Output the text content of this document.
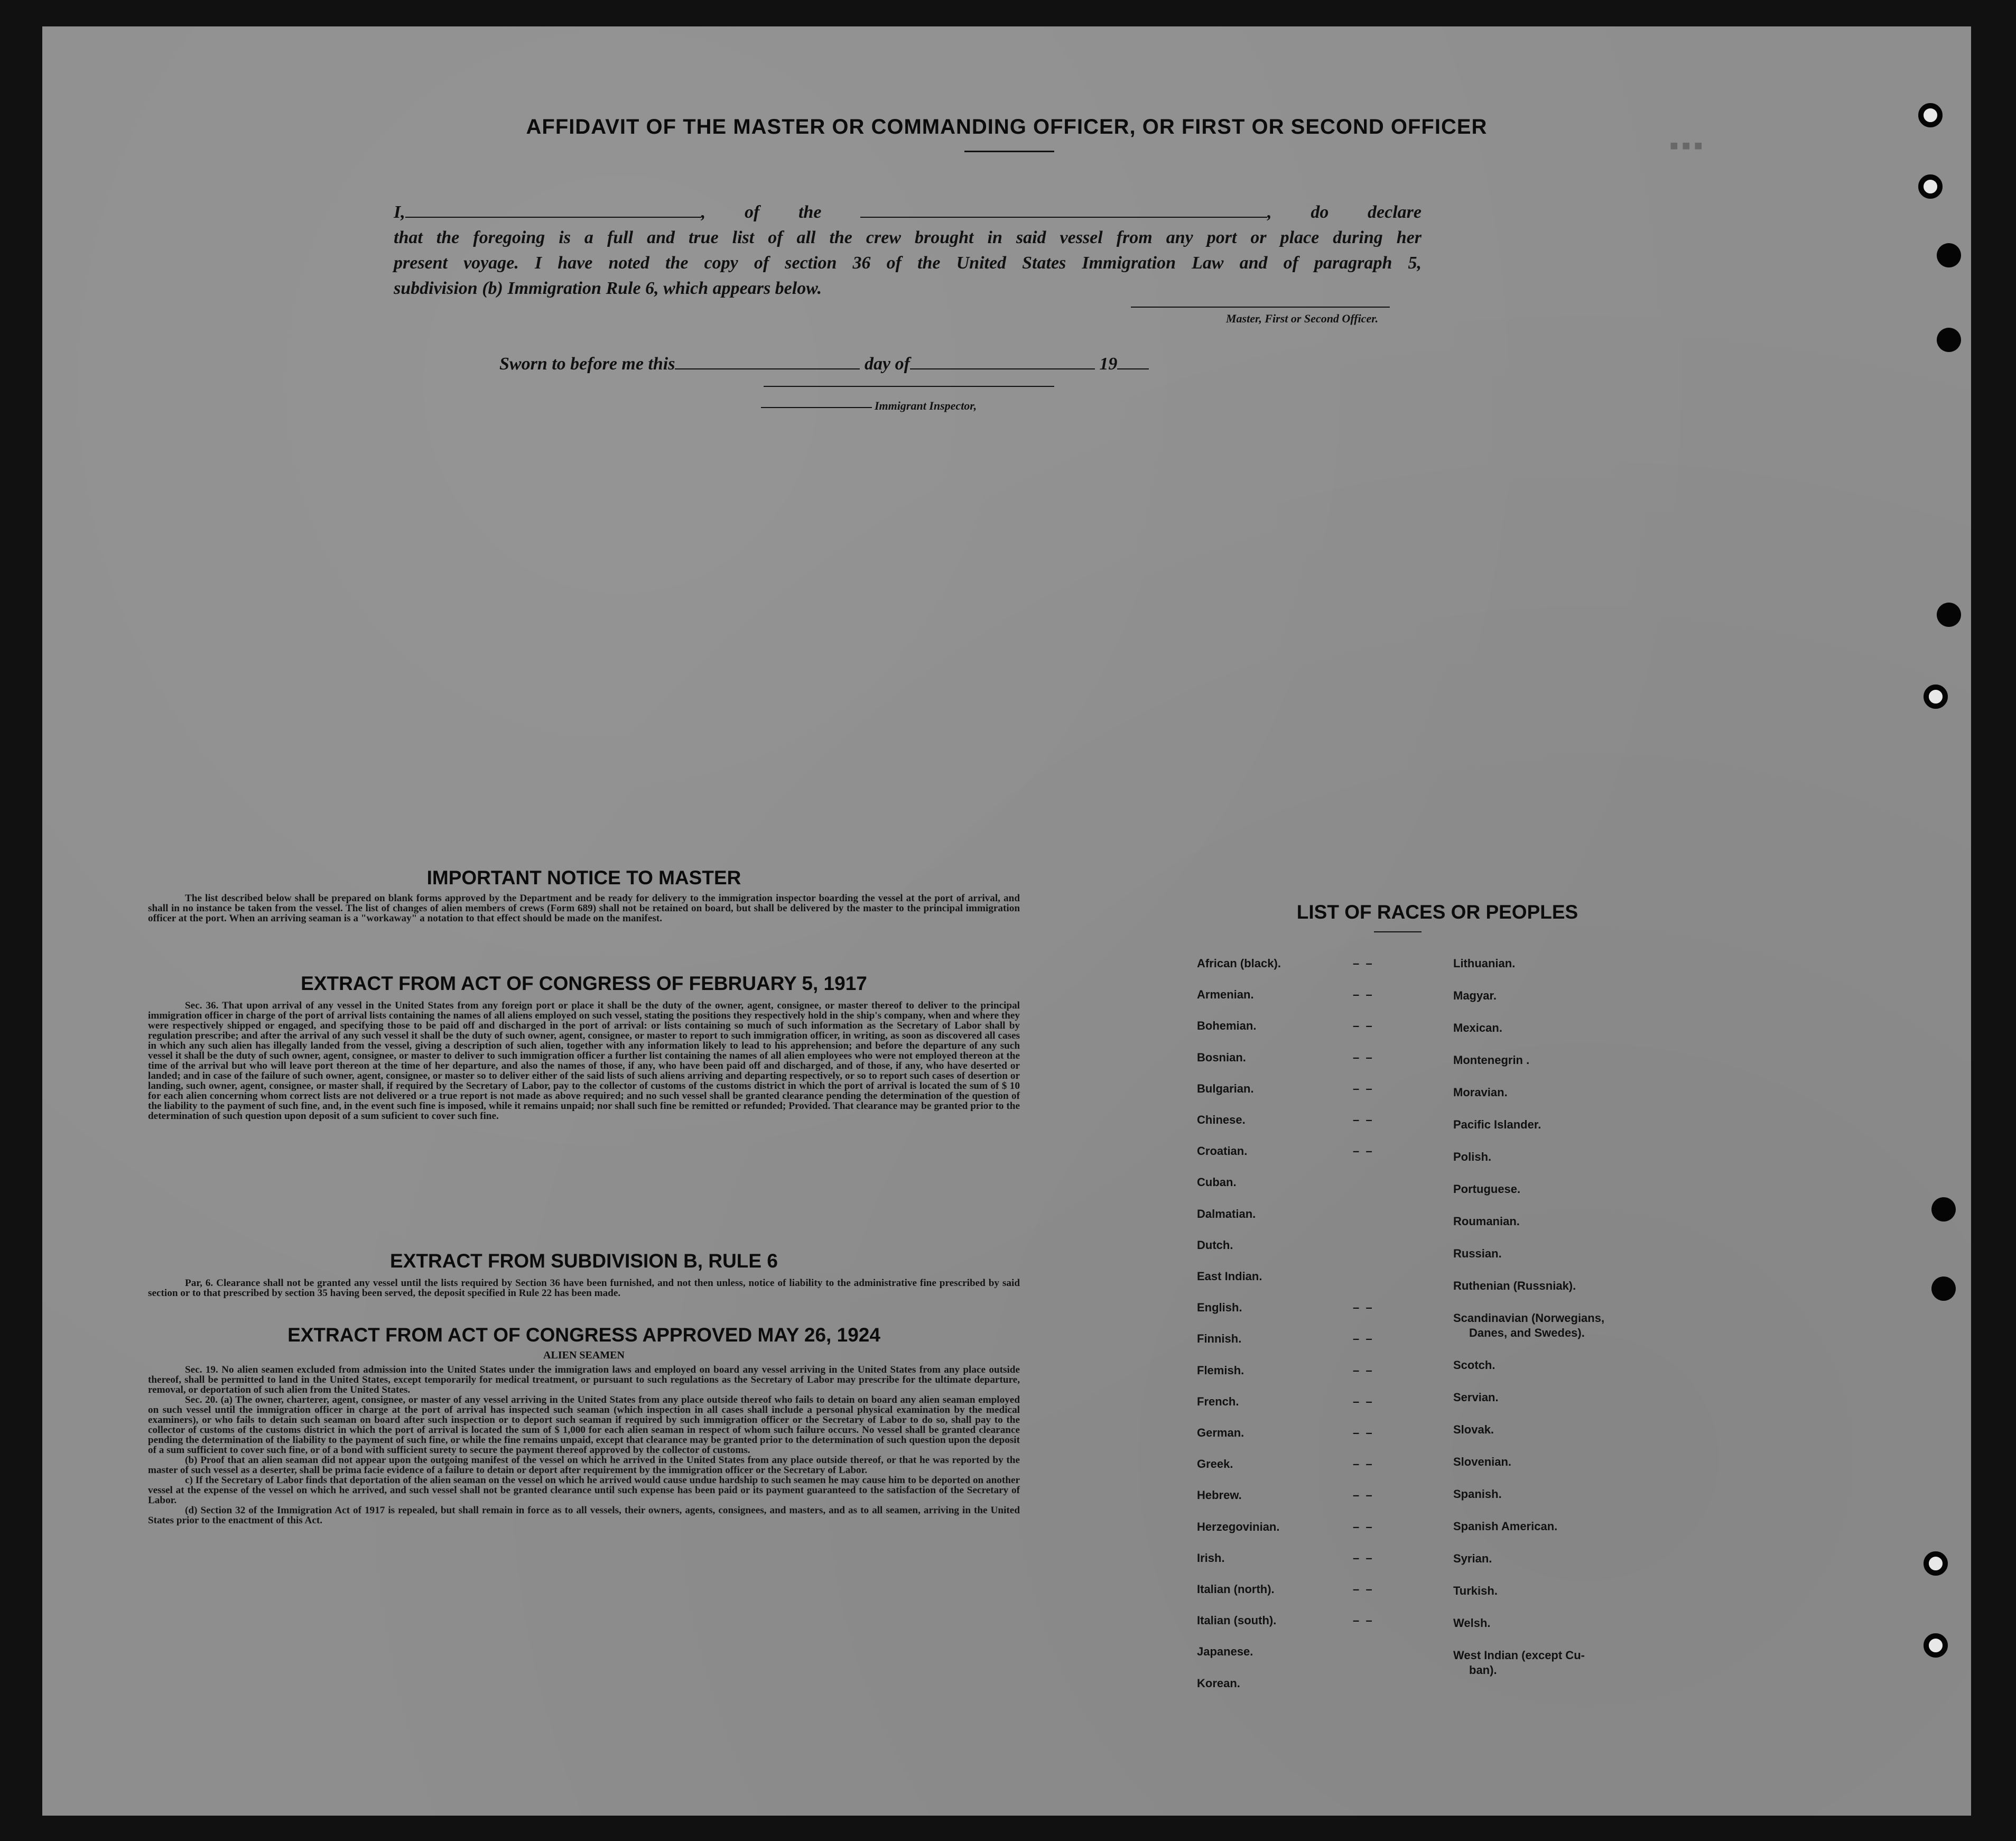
■ ■ ■
AFFIDAVIT OF THE MASTER OR COMMANDING OFFICER, OR FIRST OR SECOND OFFICER
I,	, of the	, do declare
that the foregoing is a full and true list of all the crew brought in said vessel from any port or place during her
present voyage. I have noted the copy of section 36 of the United States Immigration Law and of paragraph 5,
subdivision (b) Immigration Rule 6, which appears below.
Master, First or Second Officer.
Sworn to before me this	day of	19
Immigrant Inspector,
IMPORTANT NOTICE TO MASTER

The list described below shall be prepared on blank forms approved by the Department and be ready for delivery to the immigration inspector boarding the vessel at the port of arrival, and shall in no instance be taken from the vessel. The list of changes of alien members of crews (Form 689) shall not be retained on board, but shall be delivered by the master to the principal immigration officer at the port. When an arriving seaman is a "workaway" a notation to that effect should be made on the manifest.

EXTRACT FROM ACT OF CONGRESS OF FEBRUARY 5, 1917

Sec. 36. That upon arrival of any vessel in the United States from any foreign port or place it shall be the duty of the owner, agent, consignee, or master thereof to deliver to the principal immigration officer in charge of the port of arrival lists containing the names of all aliens employed on such vessel, stating the positions they respectively hold in the ship's company, when and where they were respectively shipped or engaged, and specifying those to be paid off and discharged in the port of arrival: or lists containing so much of such information as the Secretary of Labor shall by regulation prescribe; and after the arrival of any such vessel it shall be the duty of such owner, agent, consignee, or master to report to such immigration officer, in writing, as soon as discovered all cases in which any such alien has illegally landed from the vessel, giving a description of such alien, together with any information likely to lead to his apprehension; and before the departure of any such vessel it shall be the duty of such owner, agent, consignee, or master to deliver to such immigration officer a further list containing the names of all alien employees who were not employed thereon at the time of the arrival but who will leave port thereon at the time of her departure, and also the names of those, if any, who have been paid off and discharged, and of those, if any, who have deserted or landed; and in case of the failure of such owner, agent, consignee, or master so to deliver either of the said lists of such aliens arriving and departing respectively, or so to report such cases of desertion or landing, such owner, agent, consignee, or master shall, if required by the Secretary of Labor, pay to the collector of customs of the customs district in which the port of arrival is located the sum of $ 10 for each alien concerning whom correct lists are not delivered or a true report is not made as above required; and no such vessel shall be granted clearance pending the determination of the question of the liability to the payment of such fine, and, in the event such fine is imposed, while it remains unpaid; nor shall such fine be remitted or refunded; Provided. That clearance may be granted prior to the determination of such question upon deposit of a sum suficient to cover such fine.

EXTRACT FROM SUBDIVISION B, RULE 6

Par, 6. Clearance shall not be granted any vessel until the lists required by Section 36 have been furnished, and not then unless, notice of liability to the administrative fine prescribed by said section or to that prescribed by section 35 having been served, the deposit specified in Rule 22 has been made.

EXTRACT FROM ACT OF CONGRESS APPROVED MAY 26, 1924
ALIEN SEAMEN

Sec. 19. No alien seamen excluded from admission into the United States under the immigration laws and employed on board any vessel arriving in the United States from any place outside thereof, shall be permitted to land in the United States, except temporarily for medical treatment, or pursuant to such regulations as the Secretary of Labor may prescribe for the ultimate departure, removal, or deportation of such alien from the United States.

Sec. 20. (a) The owner, charterer, agent, consignee, or master of any vessel arriving in the United States from any place outside thereof who fails to detain on board any alien seaman employed on such vessel until the immigration officer in charge at the port of arrival has inspected such seaman (which inspection in all cases shall include a personal physical examination by the medical examiners), or who fails to detain such seaman on board after such inspection or to deport such seaman if required by such immigration officer or the Secretary of Labor to do so, shall pay to the collector of customs of the customs district in which the port of arrival is located the sum of $ 1,000 for each alien seaman in respect of whom such failure occurs. No vessel shall be granted clearance pending the determination of the liability to the payment of such fine, or while the fine remains unpaid, except that clearance may be granted prior to the determination of such question upon the deposit of a sum sufficient to cover such fine, or of a bond with sufficient surety to secure the payment thereof approved by the collector of customs.

(b) Proof that an alien seaman did not appear upon the outgoing manifest of the vessel on which he arrived in the United States from any place outside thereof, or that he was reported by the master of such vessel as a deserter, shall be prima facie evidence of a failure to detain or deport after requirement by the immigration officer or the Secretary of Labor.

c) If the Secretary of Labor finds that deportation of the alien seaman on the vessel on which he arrived would cause undue hardship to such seamen he may cause him to be deported on another vessel at the expense of the vessel on which he arrived, and such vessel shall not be granted clearance until such expense has been paid or its payment guaranteed to the satisfaction of the Secretary of Labor.

(d) Section 32 of the Immigration Act of 1917 is repealed, but shall remain in force as to all vessels, their owners, agents, consignees, and masters, and as to all seamen, arriving in the United States prior to the enactment of this Act.

LIST OF RACES OR PEOPLES
African (black).	–  –
Armenian.	–  –
Bohemian.	–  –
Bosnian.	–  –
Bulgarian.	–  –
Chinese.	–  –
Croatian.	–  –
Cuban.
Dalmatian.
Dutch.
East Indian.
English.	–  –
Finnish.	–  –
Flemish.	–  –
French.	–  –
German.	–  –
Greek.	–  –
Hebrew.	–  –
Herzegovinian.	–  –
Irish.	–  –
Italian (north).	–  –
Italian (south).	–  –
Japanese.
Korean.
Lithuanian.
Magyar.
Mexican.
Montenegrin .
Moravian.
Pacific Islander.
Polish.
Portuguese.
Roumanian.
Russian.
Ruthenian (Russniak).
Scandinavian (Norwegians,
Danes, and Swedes).
Scotch.
Servian.
Slovak.
Slovenian.
Spanish.
Spanish American.
Syrian.
Turkish.
Welsh.
West Indian (except Cu-
ban).
